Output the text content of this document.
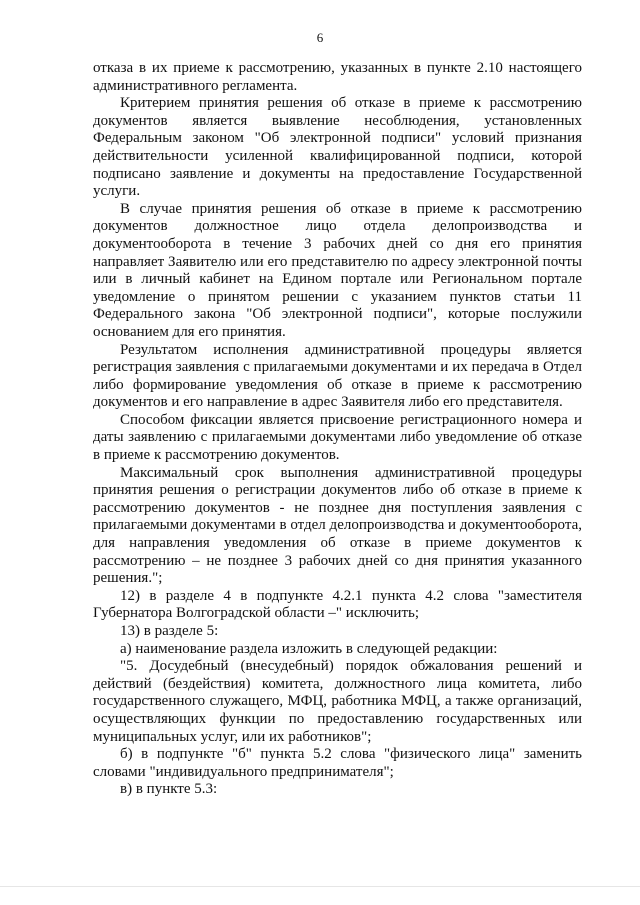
6

отказа в их приеме к рассмотрению, указанных в пункте 2.10 настоящего административного регламента.

Критерием принятия решения об отказе в приеме к рассмотрению документов является выявление несоблюдения, установленных Федеральным законом "Об электронной подписи" условий признания действительности усиленной квалифицированной подписи, которой подписано заявление и документы на предоставление Государственной услуги.

В случае принятия решения об отказе в приеме к рассмотрению документов должностное лицо отдела делопроизводства и документооборота в течение 3 рабочих дней со дня его принятия направляет Заявителю или его представителю по адресу электронной почты или в личный кабинет на Едином портале или Региональном портале уведомление о принятом решении с указанием пунктов статьи 11 Федерального закона "Об электронной подписи", которые послужили основанием для его принятия.

Результатом исполнения административной процедуры является регистрация заявления с прилагаемыми документами и их передача в Отдел либо формирование уведомления об отказе в приеме к рассмотрению документов и его направление в адрес Заявителя либо его представителя.

Способом фиксации является присвоение регистрационного номера и даты заявлению с прилагаемыми документами либо уведомление об отказе в приеме к рассмотрению документов.

Максимальный срок выполнения административной процедуры принятия решения о регистрации документов либо об отказе в приеме к рассмотрению документов - не позднее дня поступления заявления с прилагаемыми документами в отдел делопроизводства и документооборота, для направления уведомления об отказе в приеме документов к рассмотрению – не позднее 3 рабочих дней со дня принятия указанного решения.";

12) в разделе 4 в подпункте 4.2.1 пункта 4.2 слова "заместителя Губернатора Волгоградской области –" исключить;

13) в разделе 5:

а) наименование раздела изложить в следующей редакции:

"5. Досудебный (внесудебный) порядок обжалования решений и действий (бездействия) комитета, должностного лица комитета, либо государственного служащего, МФЦ, работника МФЦ, а также организаций, осуществляющих функции по предоставлению государственных или муниципальных услуг, или их работников";

б) в подпункте "б" пункта 5.2 слова "физического лица" заменить словами "индивидуального предпринимателя";

в) в пункте 5.3:
